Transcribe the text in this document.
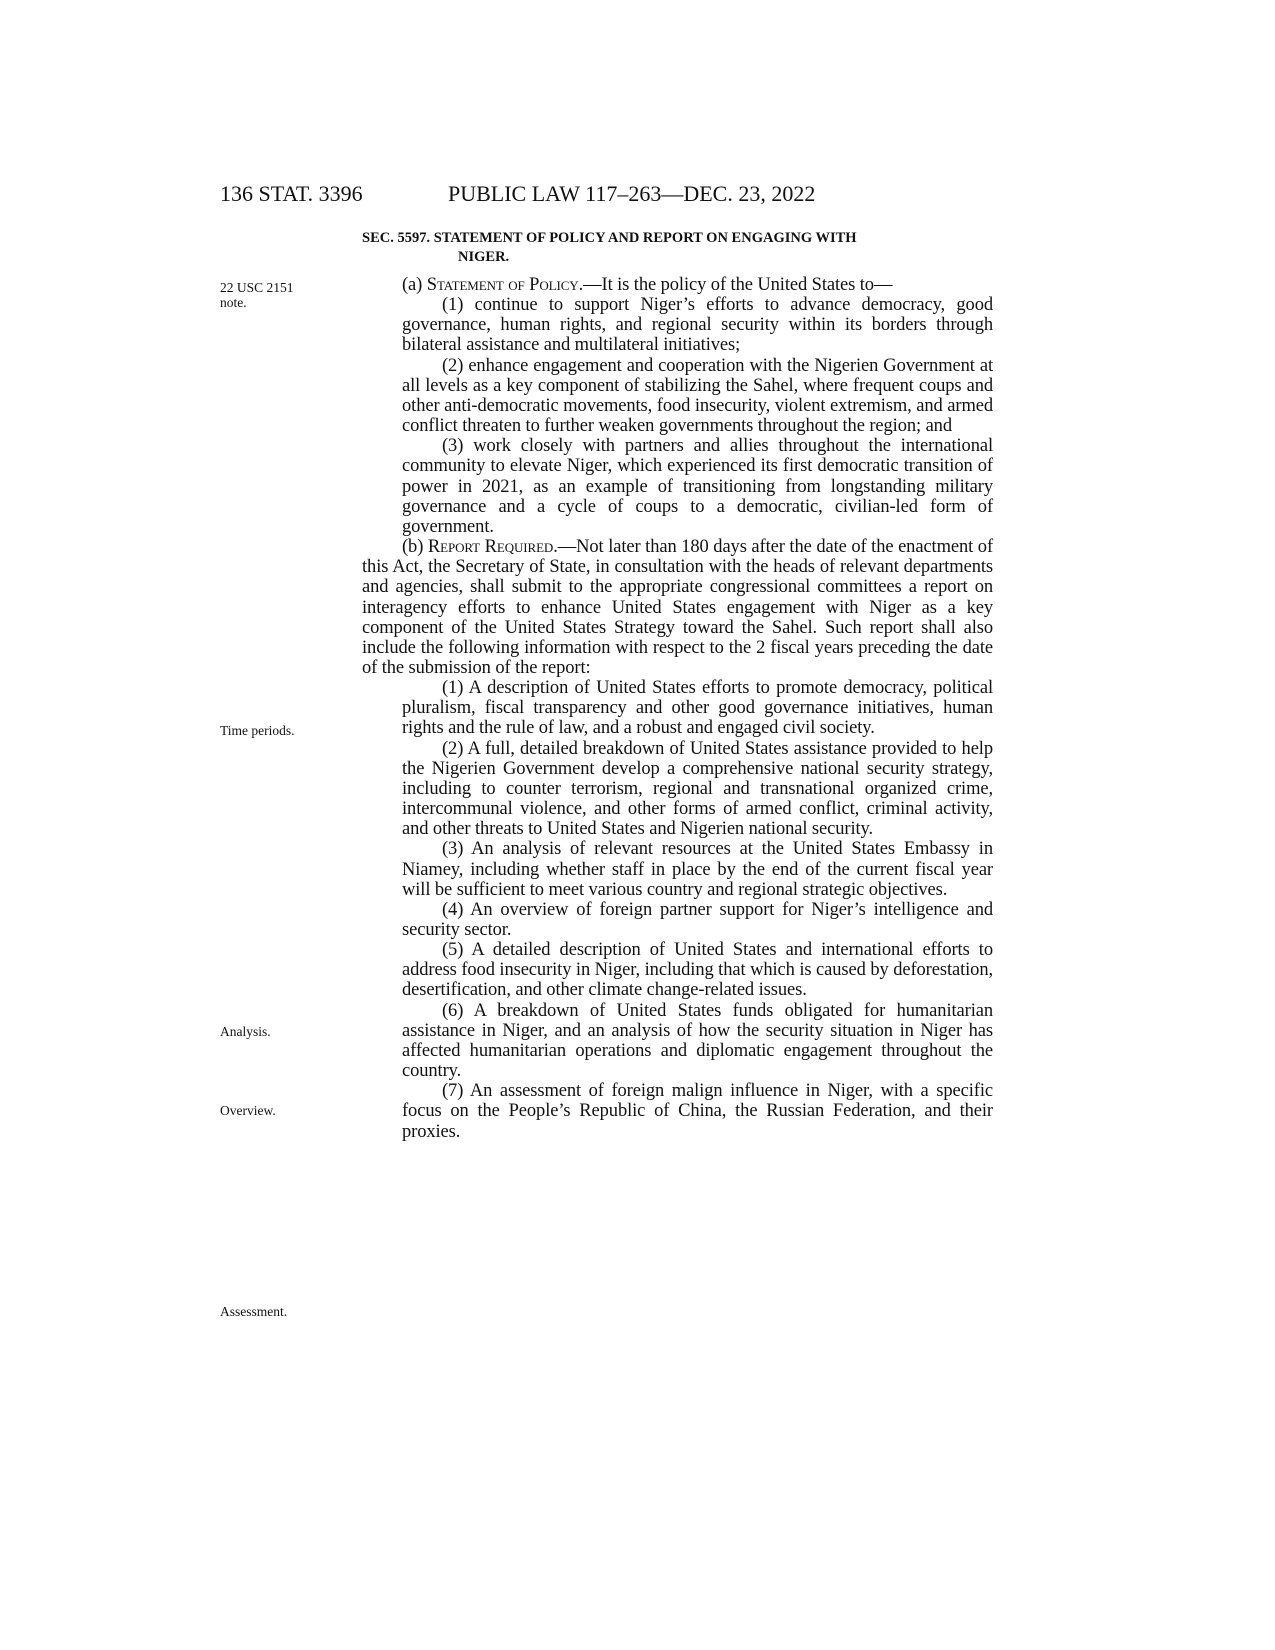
136 STAT. 3396	PUBLIC LAW 117–263—DEC. 23, 2022
SEC. 5597. STATEMENT OF POLICY AND REPORT ON ENGAGING WITH
NIGER.
22 USC 2151
note.
Time periods.
Analysis.
Overview.
Assessment.

(a) Statement of Policy.—It is the policy of the United States to—

(1) continue to support Niger’s efforts to advance democracy, good governance, human rights, and regional security within its borders through bilateral assistance and multilateral initiatives;

(2) enhance engagement and cooperation with the Nigerien Government at all levels as a key component of stabilizing the Sahel, where frequent coups and other anti-democratic movements, food insecurity, violent extremism, and armed conflict threaten to further weaken governments throughout the region; and

(3) work closely with partners and allies throughout the international community to elevate Niger, which experienced its first democratic transition of power in 2021, as an example of transitioning from longstanding military governance and a cycle of coups to a democratic, civilian-led form of government.

(b) Report Required.—Not later than 180 days after the date of the enactment of this Act, the Secretary of State, in consultation with the heads of relevant departments and agencies, shall submit to the appropriate congressional committees a report on interagency efforts to enhance United States engagement with Niger as a key component of the United States Strategy toward the Sahel. Such report shall also include the following information with respect to the 2 fiscal years preceding the date of the submission of the report:

(1) A description of United States efforts to promote democracy, political pluralism, fiscal transparency and other good governance initiatives, human rights and the rule of law, and a robust and engaged civil society.

(2) A full, detailed breakdown of United States assistance provided to help the Nigerien Government develop a comprehensive national security strategy, including to counter terrorism, regional and transnational organized crime, intercommunal violence, and other forms of armed conflict, criminal activity, and other threats to United States and Nigerien national security.

(3) An analysis of relevant resources at the United States Embassy in Niamey, including whether staff in place by the end of the current fiscal year will be sufficient to meet various country and regional strategic objectives.

(4) An overview of foreign partner support for Niger’s intelligence and security sector.

(5) A detailed description of United States and international efforts to address food insecurity in Niger, including that which is caused by deforestation, desertification, and other climate change-related issues.

(6) A breakdown of United States funds obligated for humanitarian assistance in Niger, and an analysis of how the security situation in Niger has affected humanitarian operations and diplomatic engagement throughout the country.

(7) An assessment of foreign malign influence in Niger, with a specific focus on the People’s Republic of China, the Russian Federation, and their proxies.
